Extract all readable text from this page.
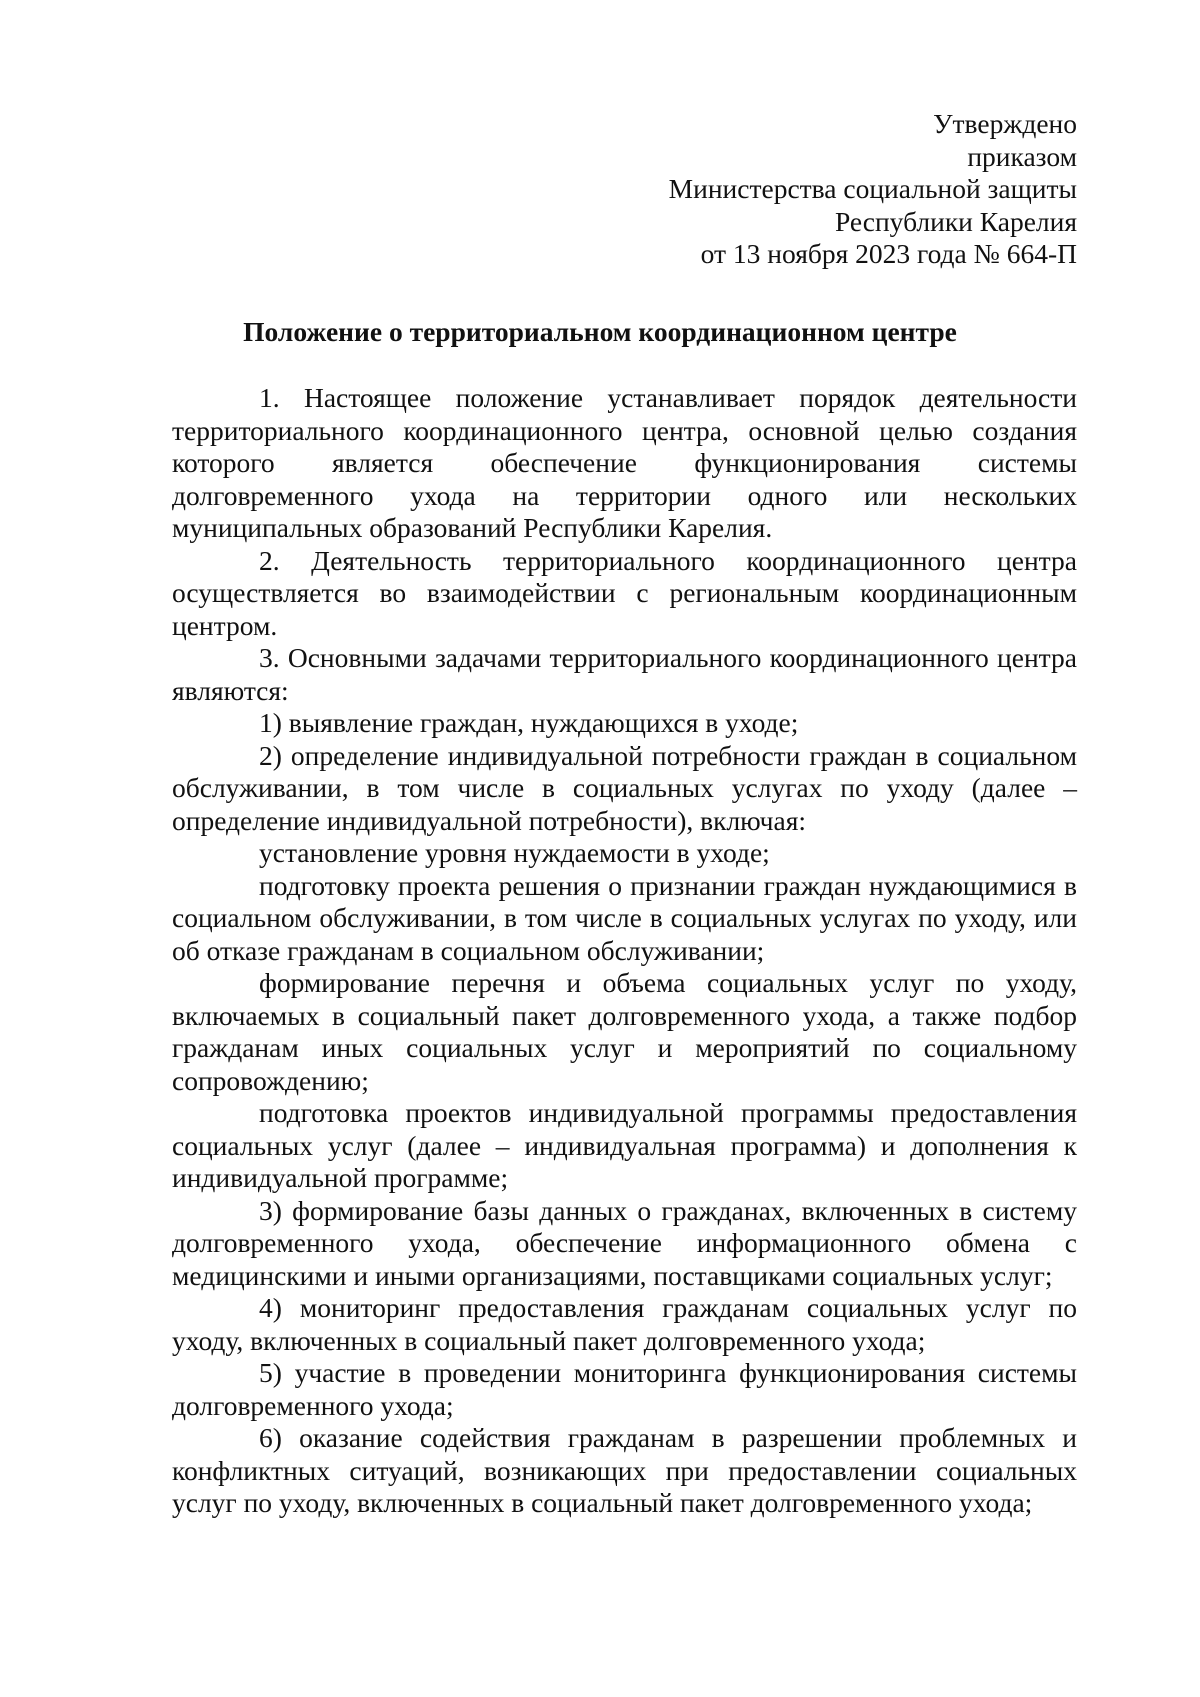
Утверждено
приказом
Министерства социальной защиты
Республики Карелия
от 13 ноября 2023 года № 664-П
Положение о территориальном координационном центре

1. Настоящее положение устанавливает порядок деятельности территориального координационного центра, основной целью создания которого является обеспечение функционирования системы долговременного ухода на территории одного или нескольких муниципальных образований Республики Карелия.

2. Деятельность территориального координационного центра осуществляется во взаимодействии с региональным координационным центром.

3. Основными задачами территориального координационного центра являются:

1) выявление граждан, нуждающихся в уходе;

2) определение индивидуальной потребности граждан в социальном обслуживании, в том числе в социальных услугах по уходу (далее – определение индивидуальной потребности), включая:

установление уровня нуждаемости в уходе;

подготовку проекта решения о признании граждан нуждающимися в социальном обслуживании, в том числе в социальных услугах по уходу, или об отказе гражданам в социальном обслуживании;

формирование перечня и объема социальных услуг по уходу, включаемых в социальный пакет долговременного ухода, а также подбор гражданам иных социальных услуг и мероприятий по социальному сопровождению;

подготовка проектов индивидуальной программы предоставления социальных услуг (далее – индивидуальная программа) и дополнения к индивидуальной программе;

3) формирование базы данных о гражданах, включенных в систему долговременного ухода, обеспечение информационного обмена с медицинскими и иными организациями, поставщиками социальных услуг;

4) мониторинг предоставления гражданам социальных услуг по уходу, включенных в социальный пакет долговременного ухода;

5) участие в проведении мониторинга функционирования системы долговременного ухода;

6) оказание содействия гражданам в разрешении проблемных и конфликтных ситуаций, возникающих при предоставлении социальных услуг по уходу, включенных в социальный пакет долговременного ухода;
